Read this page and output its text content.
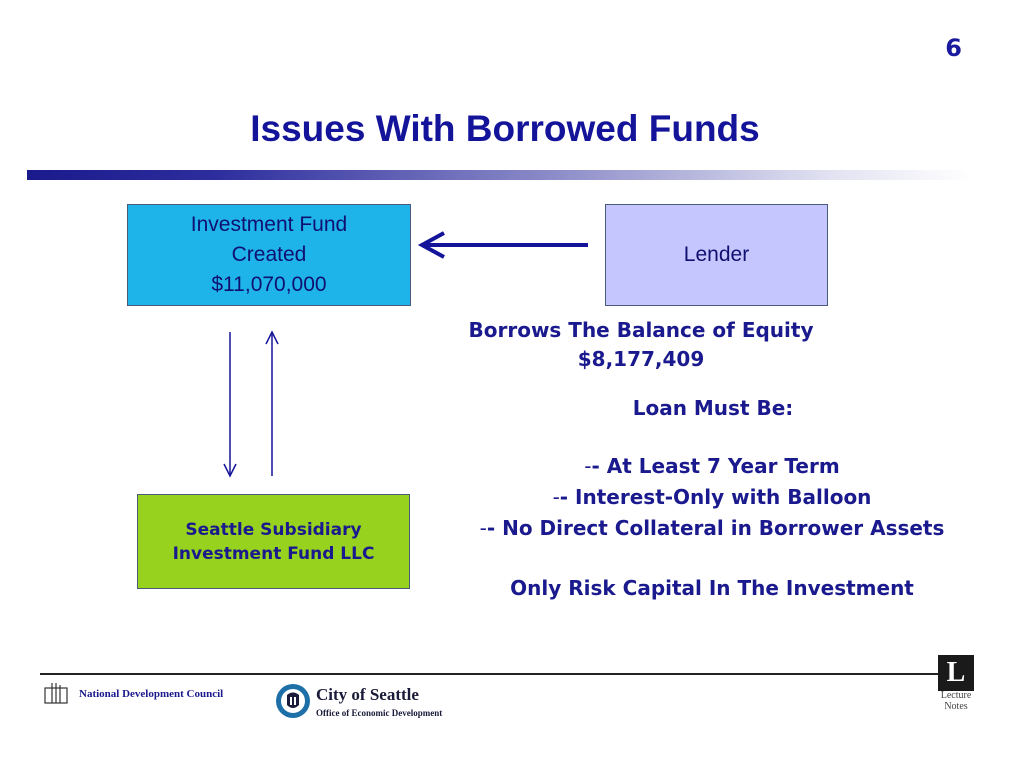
6
Issues With Borrowed Funds
Investment Fund
Created
$11,070,000
Lender
Seattle Subsidiary
Investment Fund LLC
Borrows The Balance of Equity
$8,177,409
Loan Must Be:
-- At Least 7 Year Term
-- Interest-Only with Balloon
-- No Direct Collateral in Borrower Assets
Only Risk Capital In The Investment
National Development Council	City of Seattle
Office of Economic Development
L
Lecture
Notes
